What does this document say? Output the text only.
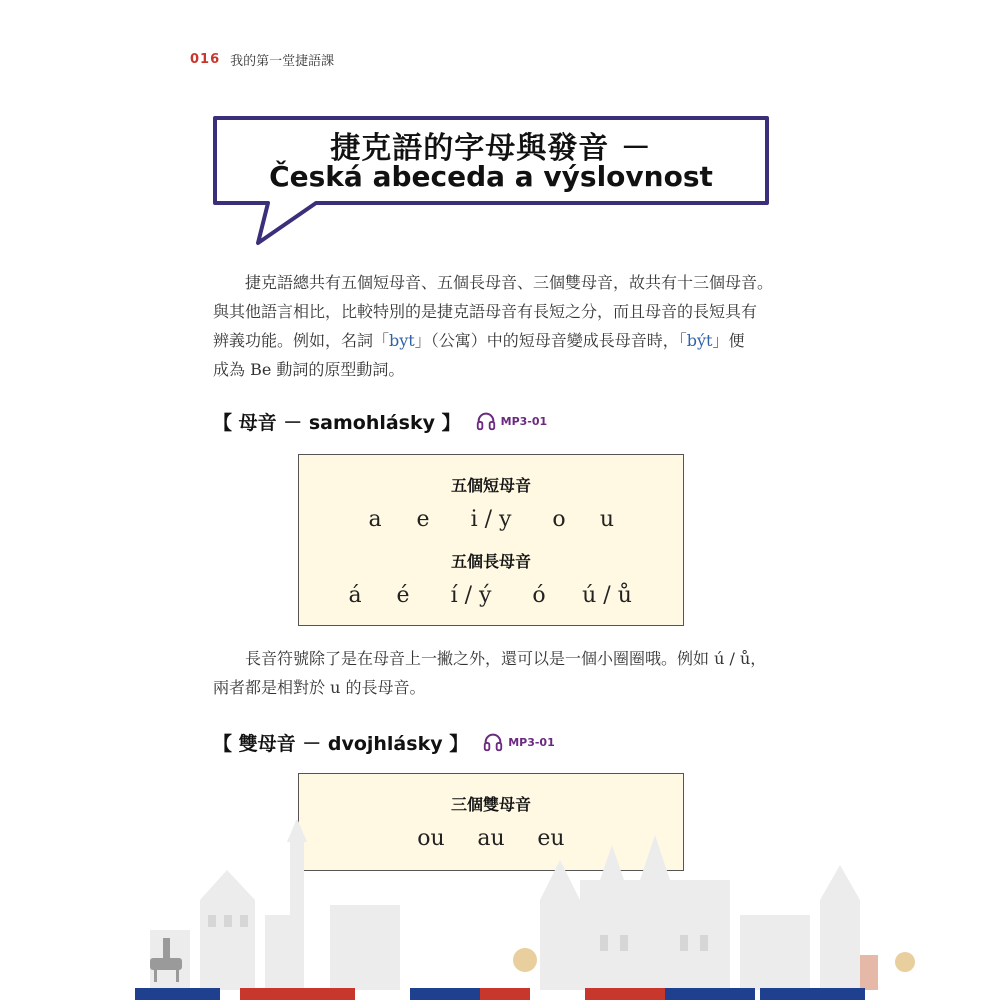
016 我的第一堂捷語課
捷克語的字母與發音 －
Česká abeceda a výslovnost
捷克語總共有五個短母音、五個長母音、三個雙母音，故共有十三個母音。
與其他語言相比，比較特別的是捷克語母音有長短之分，而且母音的長短具有
辨義功能。例如，名詞「byt」（公寓）中的短母音變成長母音時，「být」便
成為 Be 動詞的原型動詞。
【 母音 － samohlásky 】	MP3-01
五個短母音
a	e	i / y	o	u
五個長母音
á	é	í / ý	ó	ú / ů
長音符號除了是在母音上一撇之外，還可以是一個小圈圈哦。例如 ú / ů，
兩者都是相對於 u 的長母音。
【 雙母音 － dvojhlásky 】	MP3-01
三個雙母音
ou	au	eu
